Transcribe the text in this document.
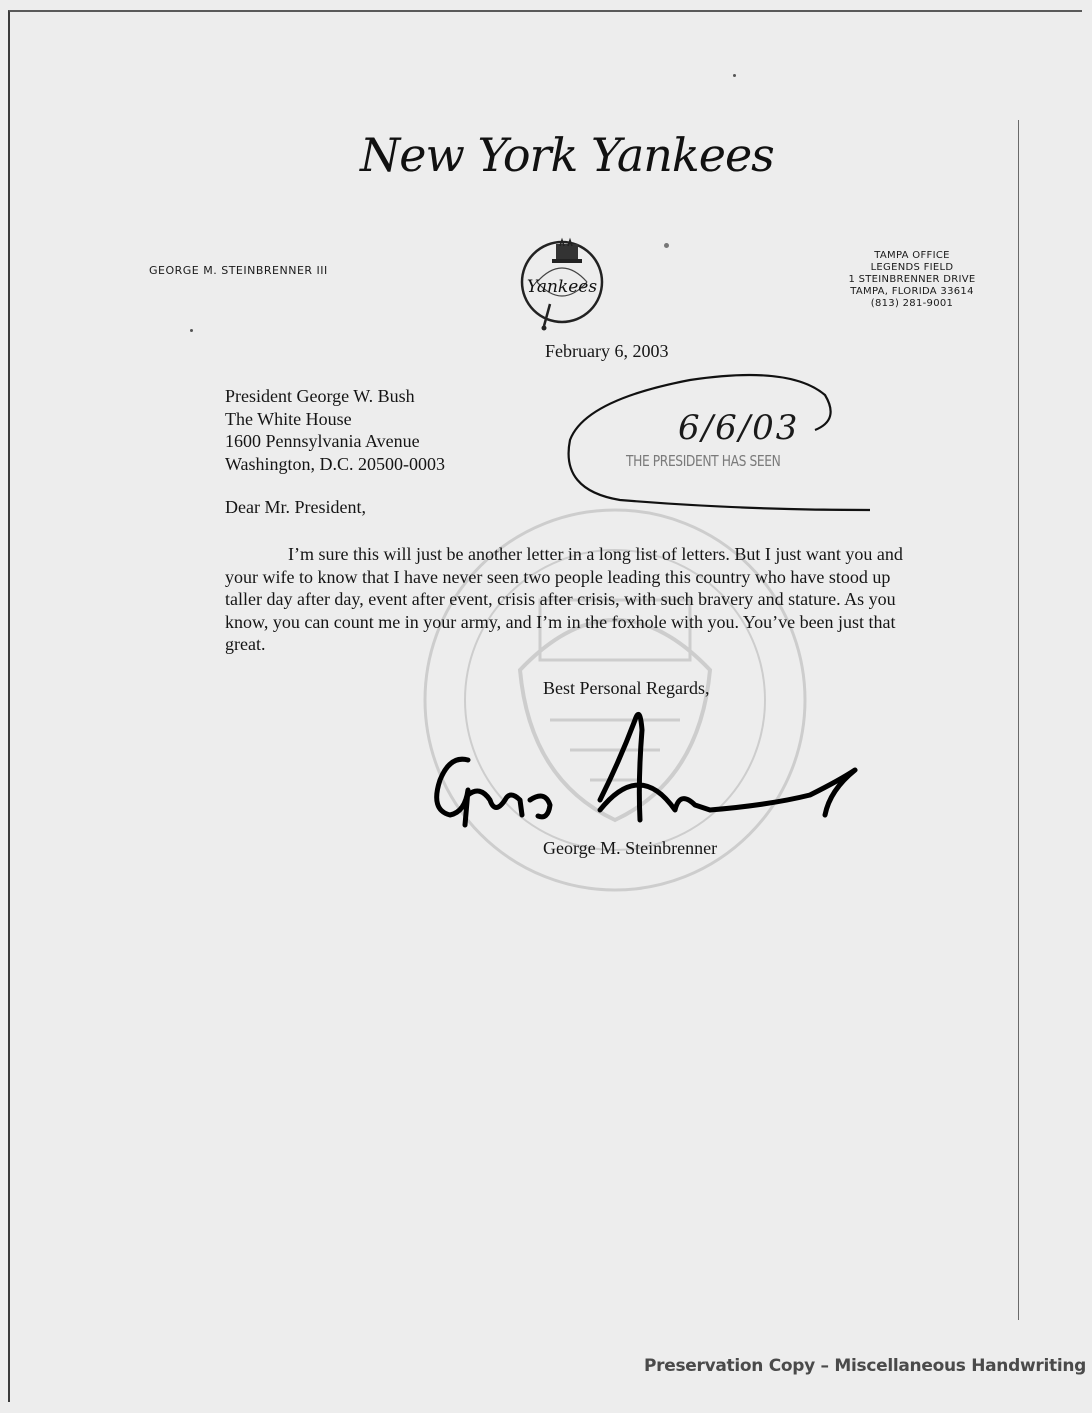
New York Yankees
GEORGE M. STEINBRENNER III
Yankees
TAMPA OFFICE
LEGENDS FIELD
1 STEINBRENNER DRIVE
TAMPA, FLORIDA 33614
(813) 281-9001
February 6, 2003
President George W. Bush
The White House
1600 Pennsylvania Avenue
Washington, D.C. 20500-0003	THE PRESIDENT HAS SEEN
6/6/03
Dear Mr. President,
I’m sure this will just be another letter in a long list of letters. But I just want you and your wife to know that I have never seen two people leading this country who have stood up taller day after day, event after event, crisis after crisis, with such bravery and stature. As you know, you can count me in your army, and I’m in the foxhole with you. You’ve been just that great.
Best Personal Regards,
George M. Steinbrenner
Preservation Copy – Miscellaneous Handwriting
